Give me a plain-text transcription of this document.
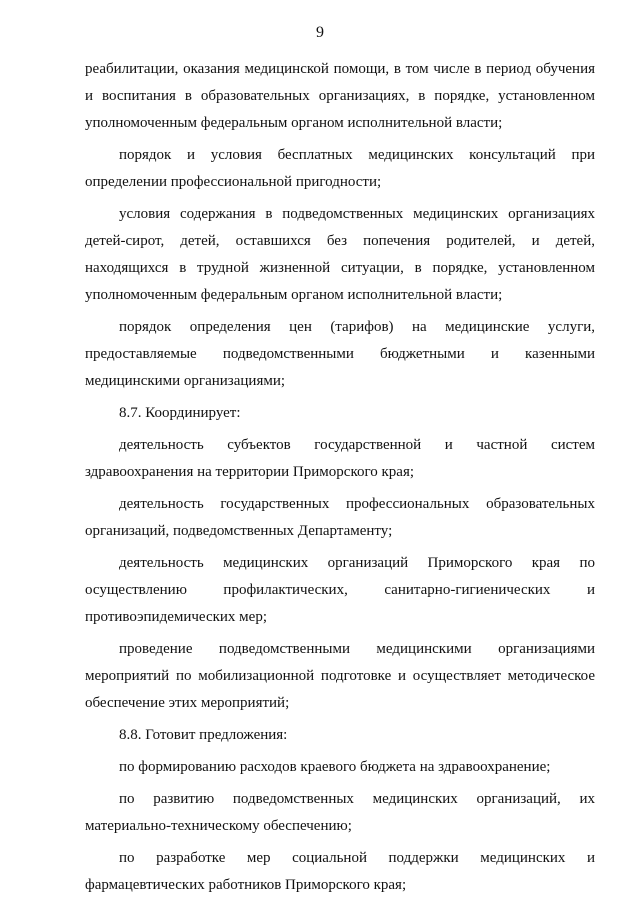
9

реабилитации, оказания медицинской помощи, в том числе в период обучения и воспитания в образовательных организациях, в порядке, установленном уполномоченным федеральным органом исполнительной власти;

порядок и условия бесплатных медицинских консультаций при определении профессиональной пригодности;

условия содержания в подведомственных медицинских организациях детей-сирот, детей, оставшихся без попечения родителей, и детей, находящихся в трудной жизненной ситуации, в порядке, установленном уполномоченным федеральным органом исполнительной власти;

порядок определения цен (тарифов) на медицинские услуги, предоставляемые подведомственными бюджетными и казенными медицинскими организациями;

8.7. Координирует:

деятельность субъектов государственной и частной систем здравоохранения на территории Приморского края;

деятельность государственных профессиональных образовательных организаций, подведомственных Департаменту;

деятельность медицинских организаций Приморского края по осуществлению профилактических, санитарно-гигиенических и противоэпидемических мер;

проведение подведомственными медицинскими организациями мероприятий по мобилизационной подготовке и осуществляет методическое обеспечение этих мероприятий;

8.8. Готовит предложения:

по формированию расходов краевого бюджета на здравоохранение;

по развитию подведомственных медицинских организаций, их материально-техническому обеспечению;

по разработке мер социальной поддержки медицинских и фармацевтических работников Приморского края;
